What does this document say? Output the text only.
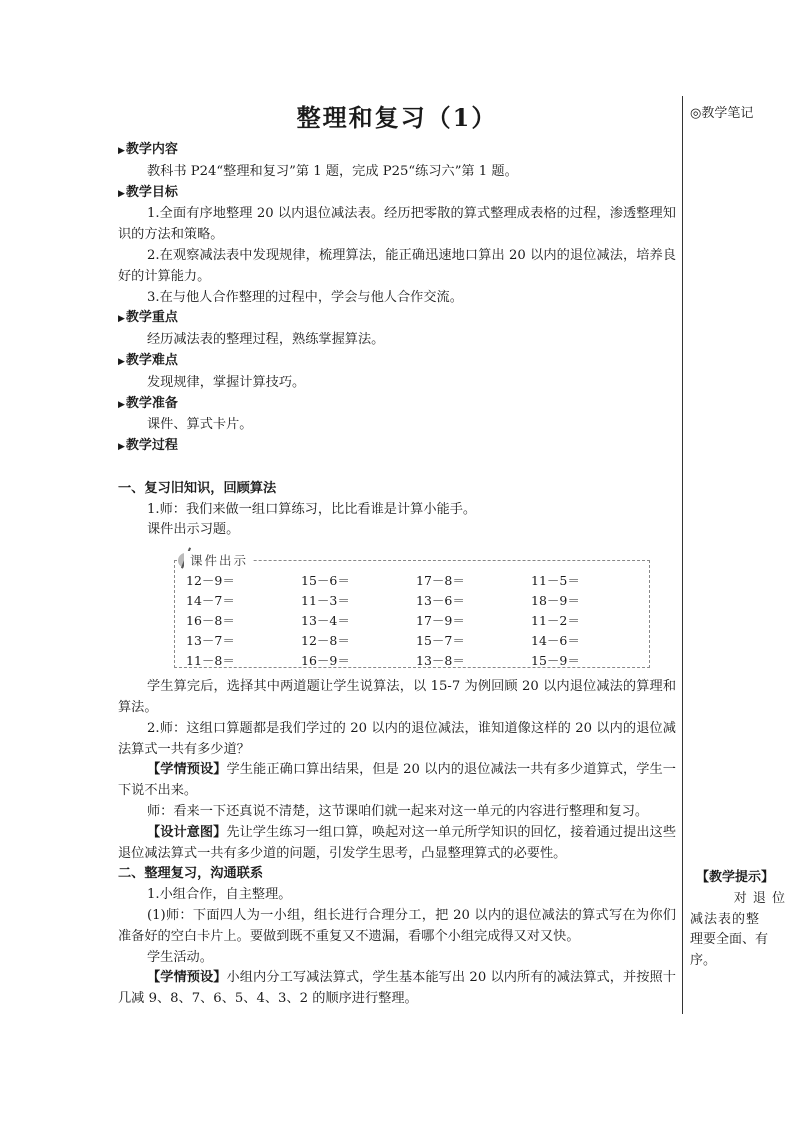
◎教学笔记
【教学提示】
对 退 位
减法表的整
理要全面、有
序。
整理和复习（1）
▶教学内容

教科书 P24“整理和复习”第 1 题，完成 P25“练习六”第 1 题。

▶教学目标

1.全面有序地整理 20 以内退位减法表。经历把零散的算式整理成表格的过程，渗透整理知识的方法和策略。

2.在观察减法表中发现规律，梳理算法，能正确迅速地口算出 20 以内的退位减法，培养良好的计算能力。

3.在与他人合作整理的过程中，学会与他人合作交流。

▶教学重点

经历减法表的整理过程，熟练掌握算法。

▶教学难点

发现规律，掌握计算技巧。

▶教学准备

课件、算式卡片。

▶教学过程
一、复习旧知识，回顾算法

1.师：我们来做一组口算练习，比比看谁是计算小能手。

课件出示习题。

课件出示
12－9＝	15－6＝	17－8＝	11－5＝
14－7＝	11－3＝	13－6＝	18－9＝
16－8＝	13－4＝	17－9＝	11－2＝
13－7＝	12－8＝	15－7＝	14－6＝
11－8＝	16－9＝	13－8＝	15－9＝

学生算完后，选择其中两道题让学生说算法，以 15-7 为例回顾 20 以内退位减法的算理和算法。

2.师：这组口算题都是我们学过的 20 以内的退位减法，谁知道像这样的 20 以内的退位减法算式一共有多少道？

【学情预设】学生能正确口算出结果，但是 20 以内的退位减法一共有多少道算式，学生一下说不出来。

师：看来一下还真说不清楚，这节课咱们就一起来对这一单元的内容进行整理和复习。

【设计意图】先让学生练习一组口算，唤起对这一单元所学知识的回忆，接着通过提出这些退位减法算式一共有多少道的问题，引发学生思考，凸显整理算式的必要性。

二、整理复习，沟通联系

1.小组合作，自主整理。

(1)师：下面四人为一小组，组长进行合理分工，把 20 以内的退位减法的算式写在为你们准备好的空白卡片上。要做到既不重复又不遗漏，看哪个小组完成得又对又快。

学生活动。

【学情预设】小组内分工写减法算式，学生基本能写出 20 以内所有的减法算式，并按照十几减 9、8、7、6、5、4、3、2 的顺序进行整理。
